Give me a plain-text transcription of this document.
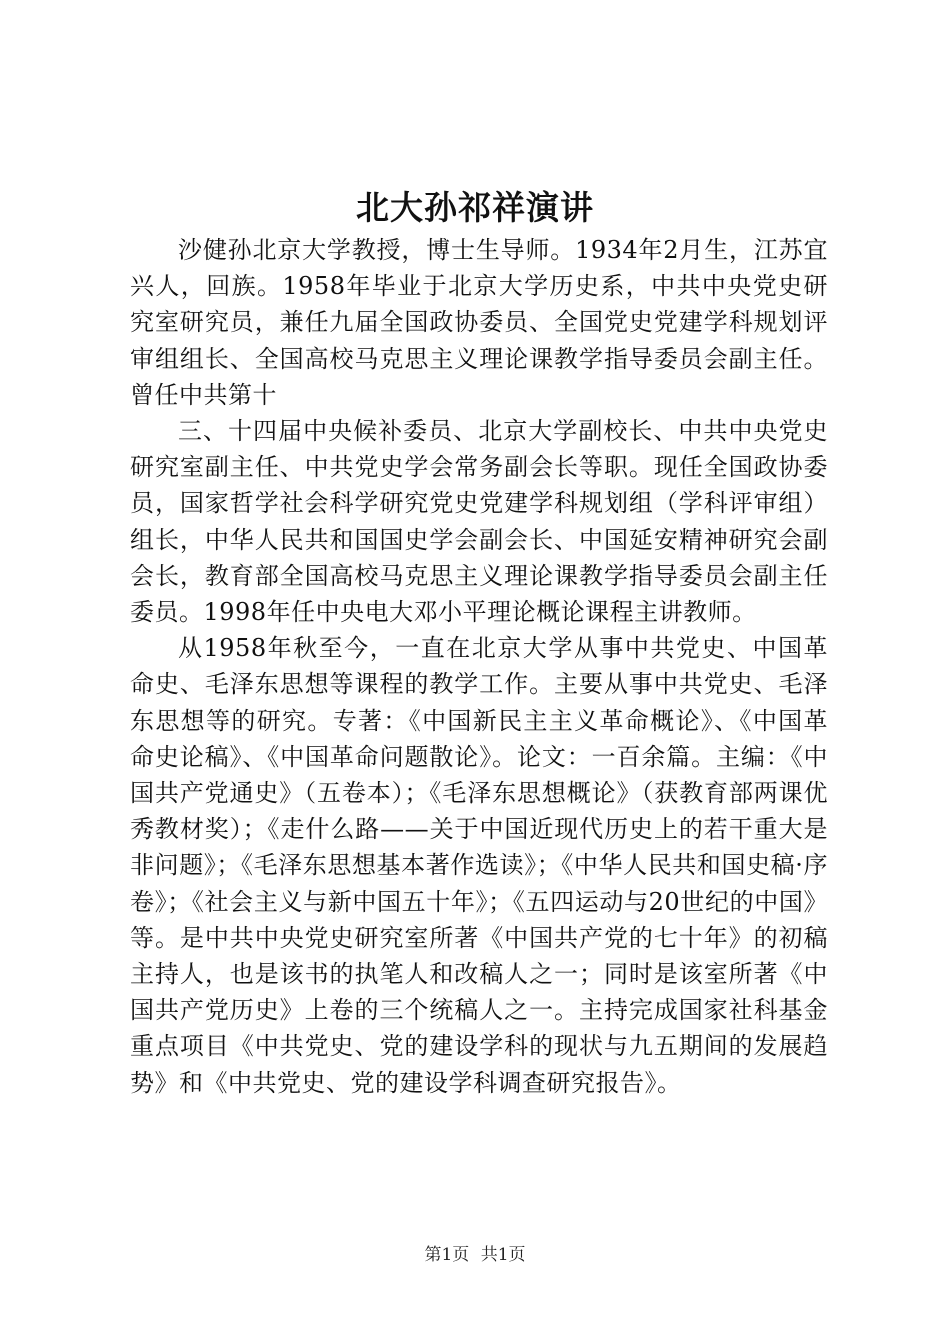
北大孙祁祥演讲

沙健孙北京大学教授，博士生导师。1934年2月生，江苏宜兴人，回族。1958年毕业于北京大学历史系，中共中央党史研究室研究员，兼任九届全国政协委员、全国党史党建学科规划评审组组长、全国高校马克思主义理论课教学指导委员会副主任。曾任中共第十

三、十四届中央候补委员、北京大学副校长、中共中央党史研究室副主任、中共党史学会常务副会长等职。现任全国政协委员，国家哲学社会科学研究党史党建学科规划组（学科评审组）组长，中华人民共和国国史学会副会长、中国延安精神研究会副会长，教育部全国高校马克思主义理论课教学指导委员会副主任委员。1998年任中央电大邓小平理论概论课程主讲教师。

从1958年秋至今，一直在北京大学从事中共党史、中国革命史、毛泽东思想等课程的教学工作。主要从事中共党史、毛泽东思想等的研究。专著：《中国新民主主义革命概论》、《中国革命史论稿》、《中国革命问题散论》。论文：一百余篇。主编：《中国共产党通史》（五卷本）；《毛泽东思想概论》（获教育部两课优秀教材奖）；《走什么路——关于中国近现代历史上的若干重大是非问题》；《毛泽东思想基本著作选读》；《中华人民共和国史稿·序卷》；《社会主义与新中国五十年》；《五四运动与20世纪的中国》等。是中共中央党史研究室所著《中国共产党的七十年》的初稿主持人，也是该书的执笔人和改稿人之一；同时是该室所著《中国共产党历史》上卷的三个统稿人之一。主持完成国家社科基金重点项目《中共党史、党的建设学科的现状与九五期间的发展趋势》和《中共党史、党的建设学科调查研究报告》。

第1页 共1页
